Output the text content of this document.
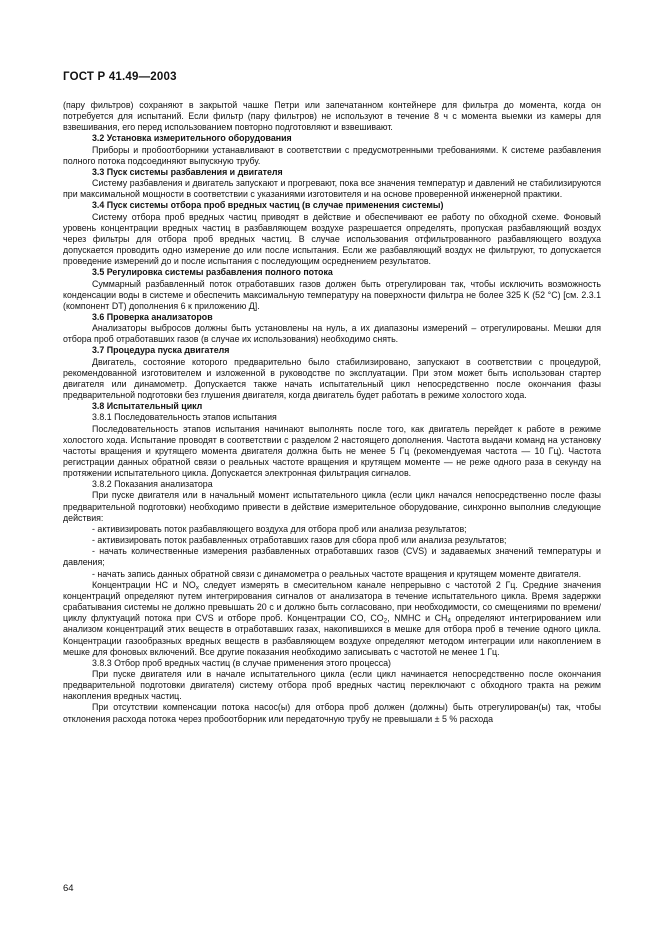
ГОСТ Р 41.49—2003

(пару фильтров) сохраняют в закрытой чашке Петри или запечатанном контейнере для фильтра до момента, когда он потребуется для испытаний. Если фильтр (пару фильтров) не используют в течение 8 ч с момента выемки из камеры для взвешивания, его перед использованием повторно подготовляют и взвешивают.

3.2 Установка измерительного оборудования

Приборы и пробоотборники устанавливают в соответствии с предусмотренными требованиями. К системе разбавления полного потока подсоединяют выпускную трубу.

3.3 Пуск системы разбавления и двигателя

Систему разбавления и двигатель запускают и прогревают, пока все значения температур и давлений не стабилизируются при максимальной мощности в соответствии с указаниями изготовителя и на основе проверенной инженерной практики.

3.4 Пуск системы отбора проб вредных частиц (в случае применения системы)

Систему отбора проб вредных частиц приводят в действие и обеспечивают ее работу по обходной схеме. Фоновый уровень концентрации вредных частиц в разбавляющем воздухе разрешается определять, пропуская разбавляющий воздух через фильтры для отбора проб вредных частиц. В случае использования отфильтрованного разбавляющего воздуха допускается проводить одно измерение до или после испытания. Если же разбавляющий воздух не фильтруют, то допускается проведение измерений до и после испытания с последующим осреднением результатов.

3.5 Регулировка системы разбавления полного потока

Суммарный разбавленный поток отработавших газов должен быть отрегулирован так, чтобы исключить возможность конденсации воды в системе и обеспечить максимальную температуру на поверхности фильтра не более 325 K (52 °C) [см. 2.3.1 (компонент DT) дополнения 6 к приложению Д].

3.6 Проверка анализаторов

Анализаторы выбросов должны быть установлены на нуль, а их диапазоны измерений – отрегулированы. Мешки для отбора проб отработавших газов (в случае их использования) необходимо снять.

3.7 Процедура пуска двигателя

Двигатель, состояние которого предварительно было стабилизировано, запускают в соответствии с процедурой, рекомендованной изготовителем и изложенной в руководстве по эксплуатации. При этом может быть использован стартер двигателя или динамометр. Допускается также начать испытательный цикл непосредственно после окончания фазы предварительной подготовки без глушения двигателя, когда двигатель будет работать в режиме холостого хода.

3.8 Испытательный цикл

3.8.1 Последовательность этапов испытания

Последовательность этапов испытания начинают выполнять после того, как двигатель перейдет к работе в режиме холостого хода. Испытание проводят в соответствии с разделом 2 настоящего дополнения. Частота выдачи команд на установку частоты вращения и крутящего момента двигателя должна быть не менее 5 Гц (рекомендуемая частота — 10 Гц). Частота регистрации данных обратной связи о реальных частоте вращения и крутящем моменте — не реже одного раза в секунду на протяжении испытательного цикла. Допускается электронная фильтрация сигналов.

3.8.2 Показания анализатора

При пуске двигателя или в начальный момент испытательного цикла (если цикл начался непосредственно после фазы предварительной подготовки) необходимо привести в действие измерительное оборудование, синхронно выполнив следующие действия:

- активизировать поток разбавляющего воздуха для отбора проб или анализа результатов;

- активизировать поток разбавленных отработавших газов для сбора проб или анализа результатов;

- начать количественные измерения разбавленных отработавших газов (CVS) и задаваемых значений температуры и давления;

- начать запись данных обратной связи с динамометра о реальных частоте вращения и крутящем моменте двигателя.

Концентрации HC и $NO_x$ следует измерять в смесительном канале непрерывно с частотой 2 Гц. Средние значения концентраций определяют путем интегрирования сигналов от анализатора в течение испытательного цикла. Время задержки срабатывания системы не должно превышать 20 с и должно быть согласовано, при необходимости, со смещениями по времени/циклу флуктуаций потока при CVS и отборе проб. Концентрации CO, $CO_2$, NMHC и $CH_4$ определяют интегрированием или анализом концентраций этих веществ в отработавших газах, накопившихся в мешке для отбора проб в течение одного цикла. Концентрации газообразных вредных веществ в разбавляющем воздухе определяют методом интеграции или накоплением в мешке для фоновых включений. Все другие показания необходимо записывать с частотой не менее 1 Гц.

3.8.3 Отбор проб вредных частиц (в случае применения этого процесса)

При пуске двигателя или в начале испытательного цикла (если цикл начинается непосредственно после окончания предварительной подготовки двигателя) систему отбора проб вредных частиц переключают с обходного тракта на режим накопления вредных частиц.

При отсутствии компенсации потока насос(ы) для отбора проб должен (должны) быть отрегулирован(ы) так, чтобы отклонения расхода потока через пробоотборник или передаточную трубу не превышали ± 5 % расхода

64
